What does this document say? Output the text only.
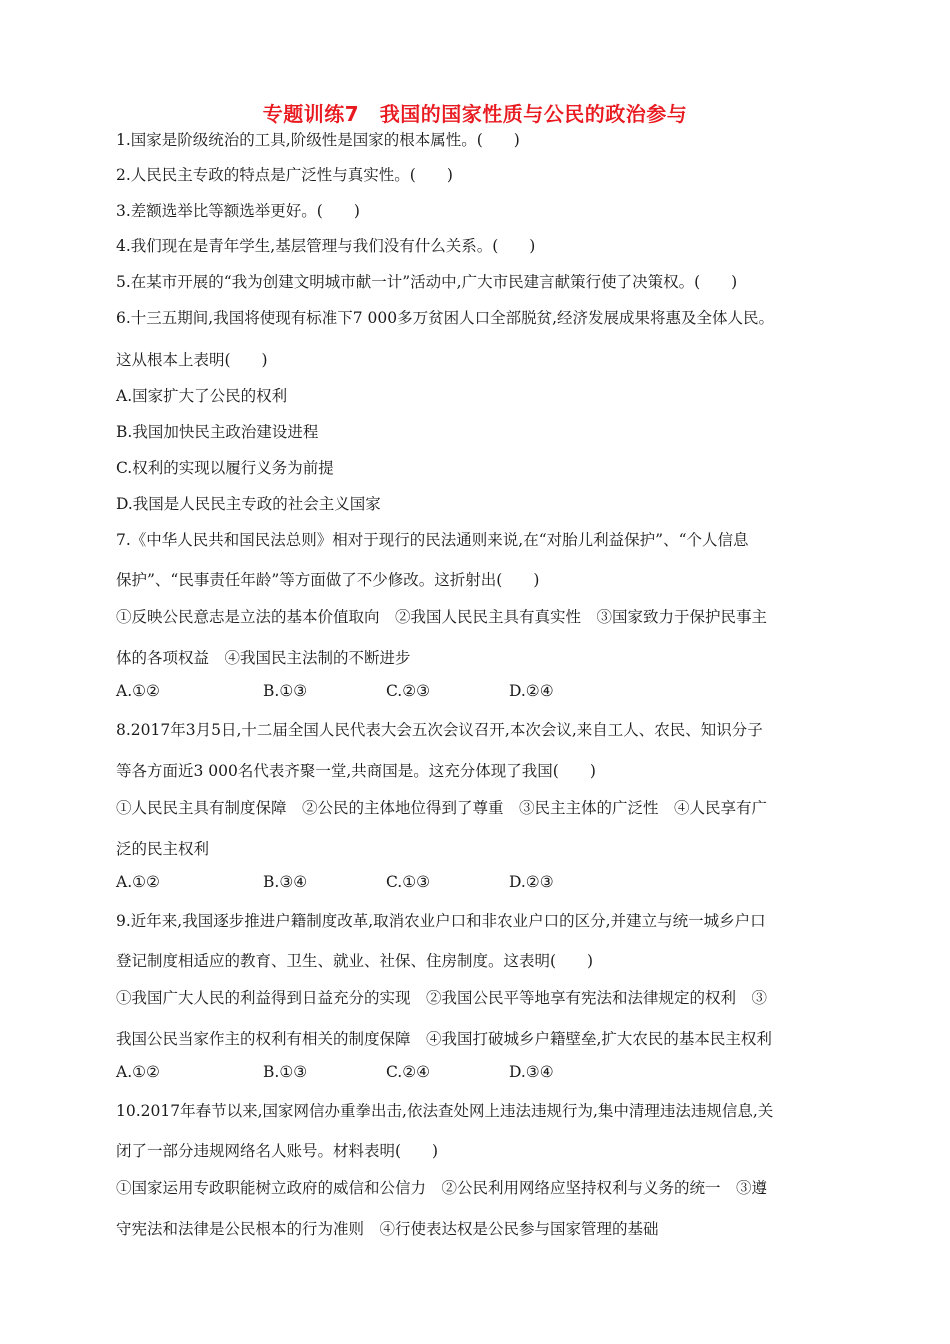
专题训练7　我国的国家性质与公民的政治参与
1.国家是阶级统治的工具,阶级性是国家的根本属性。(　　)
2.人民民主专政的特点是广泛性与真实性。(　　)
3.差额选举比等额选举更好。(　　)
4.我们现在是青年学生,基层管理与我们没有什么关系。(　　)
5.在某市开展的“我为创建文明城市献一计”活动中,广大市民建言献策行使了决策权。(　　)
6.十三五期间,我国将使现有标准下7 000多万贫困人口全部脱贫,经济发展成果将惠及全体人民。
这从根本上表明(　　)
A.国家扩大了公民的权利
B.我国加快民主政治建设进程
C.权利的实现以履行义务为前提
D.我国是人民民主专政的社会主义国家
7.《中华人民共和国民法总则》相对于现行的民法通则来说,在“对胎儿利益保护”、“个人信息
保护”、“民事责任年龄”等方面做了不少修改。这折射出(　　)
①反映公民意志是立法的基本价值取向　②我国人民民主具有真实性　③国家致力于保护民事主
体的各项权益　④我国民主法制的不断进步
A.①②	B.①③	C.②③	D.②④
8.2017年3月5日,十二届全国人民代表大会五次会议召开,本次会议,来自工人、农民、知识分子
等各方面近3 000名代表齐聚一堂,共商国是。这充分体现了我国(　　)
①人民民主具有制度保障　②公民的主体地位得到了尊重　③民主主体的广泛性　④人民享有广
泛的民主权利
A.①②	B.③④	C.①③	D.②③
9.近年来,我国逐步推进户籍制度改革,取消农业户口和非农业户口的区分,并建立与统一城乡户口
登记制度相适应的教育、卫生、就业、社保、住房制度。这表明(　　)
①我国广大人民的利益得到日益充分的实现　②我国公民平等地享有宪法和法律规定的权利　③
我国公民当家作主的权利有相关的制度保障　④我国打破城乡户籍壁垒,扩大农民的基本民主权利
A.①②	B.①③	C.②④	D.③④
10.2017年春节以来,国家网信办重拳出击,依法查处网上违法违规行为,集中清理违法违规信息,关
闭了一部分违规网络名人账号。材料表明(　　)
①国家运用专政职能树立政府的威信和公信力　②公民利用网络应坚持权利与义务的统一　③遵
守宪法和法律是公民根本的行为准则　④行使表达权是公民参与国家管理的基础
